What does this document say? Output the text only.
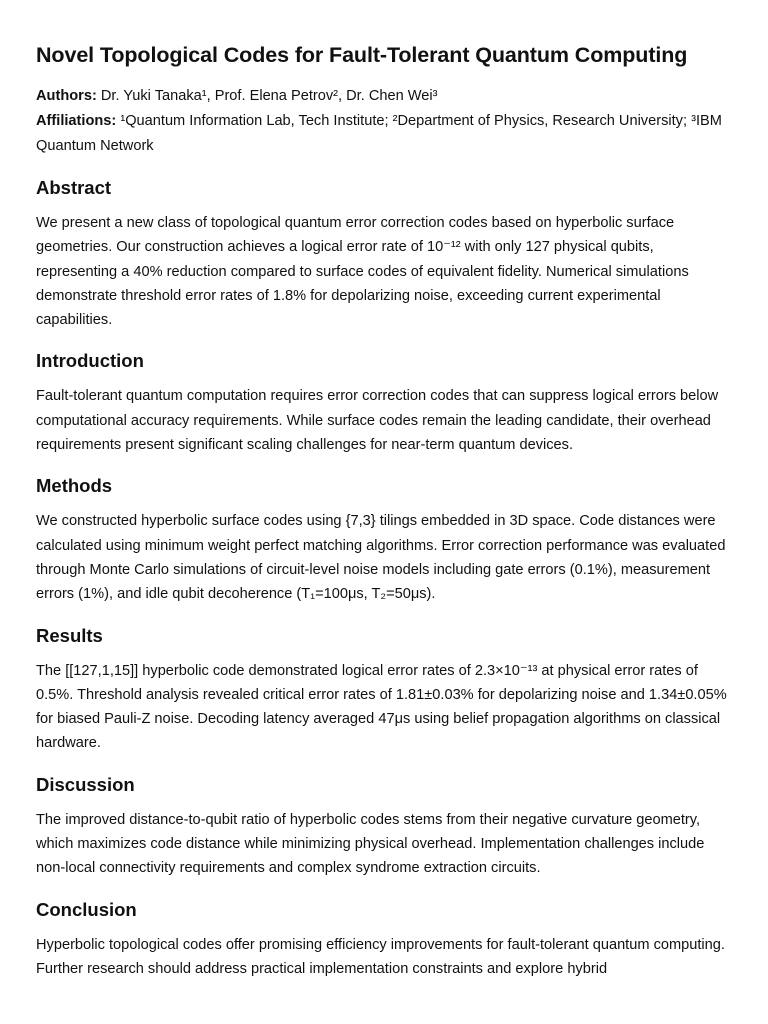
Novel Topological Codes for Fault-Tolerant Quantum Computing

Authors: Dr. Yuki Tanaka¹, Prof. Elena Petrov², Dr. Chen Wei³

Affiliations: ¹Quantum Information Lab, Tech Institute; ²Department of Physics, Research University; ³IBM Quantum Network

Abstract

We present a new class of topological quantum error correction codes based on hyperbolic surface geometries. Our construction achieves a logical error rate of 10⁻¹² with only 127 physical qubits, representing a 40% reduction compared to surface codes of equivalent fidelity. Numerical simulations demonstrate threshold error rates of 1.8% for depolarizing noise, exceeding current experimental capabilities.

Introduction

Fault-tolerant quantum computation requires error correction codes that can suppress logical errors below computational accuracy requirements. While surface codes remain the leading candidate, their overhead requirements present significant scaling challenges for near-term quantum devices.

Methods

We constructed hyperbolic surface codes using {7,3} tilings embedded in 3D space. Code distances were calculated using minimum weight perfect matching algorithms. Error correction performance was evaluated through Monte Carlo simulations of circuit-level noise models including gate errors (0.1%), measurement errors (1%), and idle qubit decoherence (T₁=100μs, T₂=50μs).

Results

The [[127,1,15]] hyperbolic code demonstrated logical error rates of 2.3×10⁻¹³ at physical error rates of 0.5%. Threshold analysis revealed critical error rates of 1.81±0.03% for depolarizing noise and 1.34±0.05% for biased Pauli-Z noise. Decoding latency averaged 47μs using belief propagation algorithms on classical hardware.

Discussion

The improved distance-to-qubit ratio of hyperbolic codes stems from their negative curvature geometry, which maximizes code distance while minimizing physical overhead. Implementation challenges include non-local connectivity requirements and complex syndrome extraction circuits.

Conclusion

Hyperbolic topological codes offer promising efficiency improvements for fault-tolerant quantum computing. Further research should address practical implementation constraints and explore hybrid
